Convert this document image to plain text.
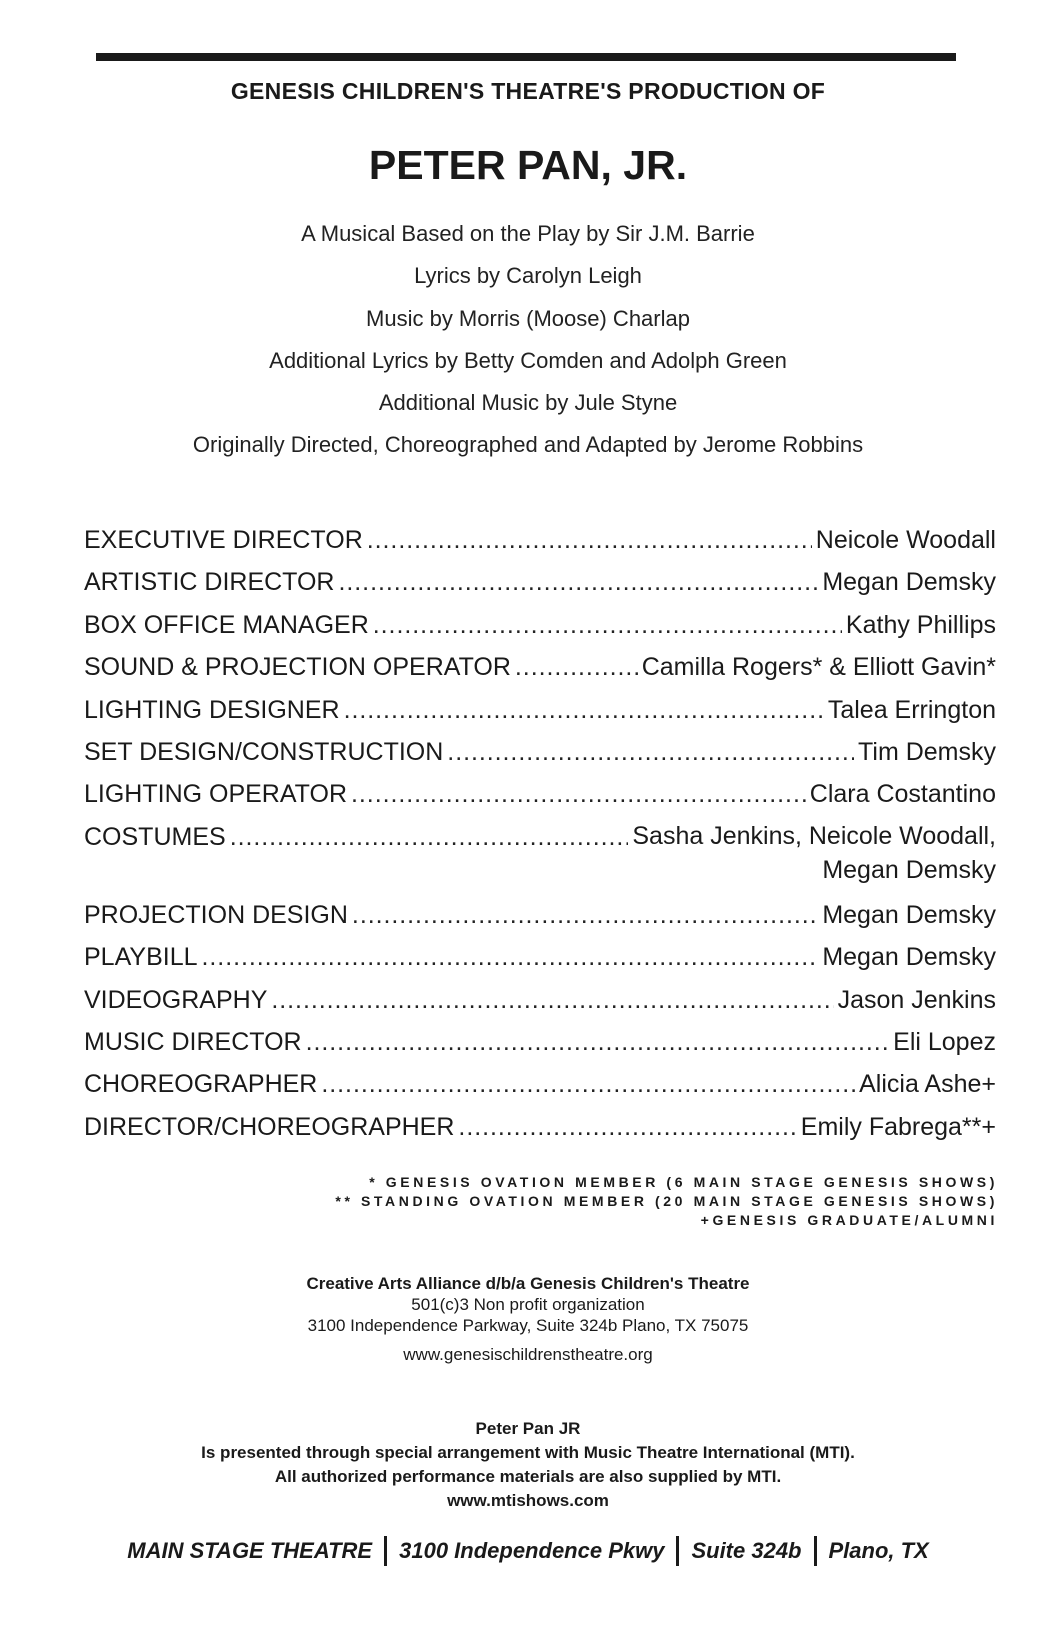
GENESIS CHILDREN'S THEATRE'S PRODUCTION OF
PETER PAN, JR.
A Musical Based on the Play by Sir J.M. Barrie
Lyrics by Carolyn Leigh
Music by Morris (Moose) Charlap
Additional Lyrics by Betty Comden and Adolph Green
Additional Music by Jule Styne
Originally Directed, Choreographed and Adapted by Jerome Robbins
EXECUTIVE DIRECTOR . . .	Neicole Woodall
ARTISTIC DIRECTOR . . .	Megan Demsky
BOX OFFICE MANAGER . . .	Kathy Phillips
SOUND & PROJECTION OPERATOR . . .	Camilla Rogers* & Elliott Gavin*
LIGHTING DESIGNER . . .	Talea Errington
SET DESIGN/CONSTRUCTION . . .	Tim Demsky
LIGHTING OPERATOR . . .	Clara Costantino
COSTUMES . . .	Sasha Jenkins, Neicole Woodall,
Megan Demsky
PROJECTION DESIGN . . .	Megan Demsky
PLAYBILL . . .	Megan Demsky
VIDEOGRAPHY . . .	Jason Jenkins
MUSIC DIRECTOR . . .	Eli Lopez
CHOREOGRAPHER . . .	Alicia Ashe+
DIRECTOR/CHOREOGRAPHER . . .	Emily Fabrega**+
* GENESIS OVATION MEMBER (6 MAIN STAGE GENESIS SHOWS)
** STANDING OVATION MEMBER (20 MAIN STAGE GENESIS SHOWS)
+GENESIS GRADUATE/ALUMNI
Creative Arts Alliance d/b/a Genesis Children's Theatre
501(c)3 Non profit organization
3100 Independence Parkway, Suite 324b Plano, TX 75075
www.genesischildrenstheatre.org
Peter Pan JR
Is presented through special arrangement with Music Theatre International (MTI).
All authorized performance materials are also supplied by MTI.
www.mtishows.com
MAIN STAGE THEATRE 3100 Independence Pkwy Suite 324b Plano, TX
